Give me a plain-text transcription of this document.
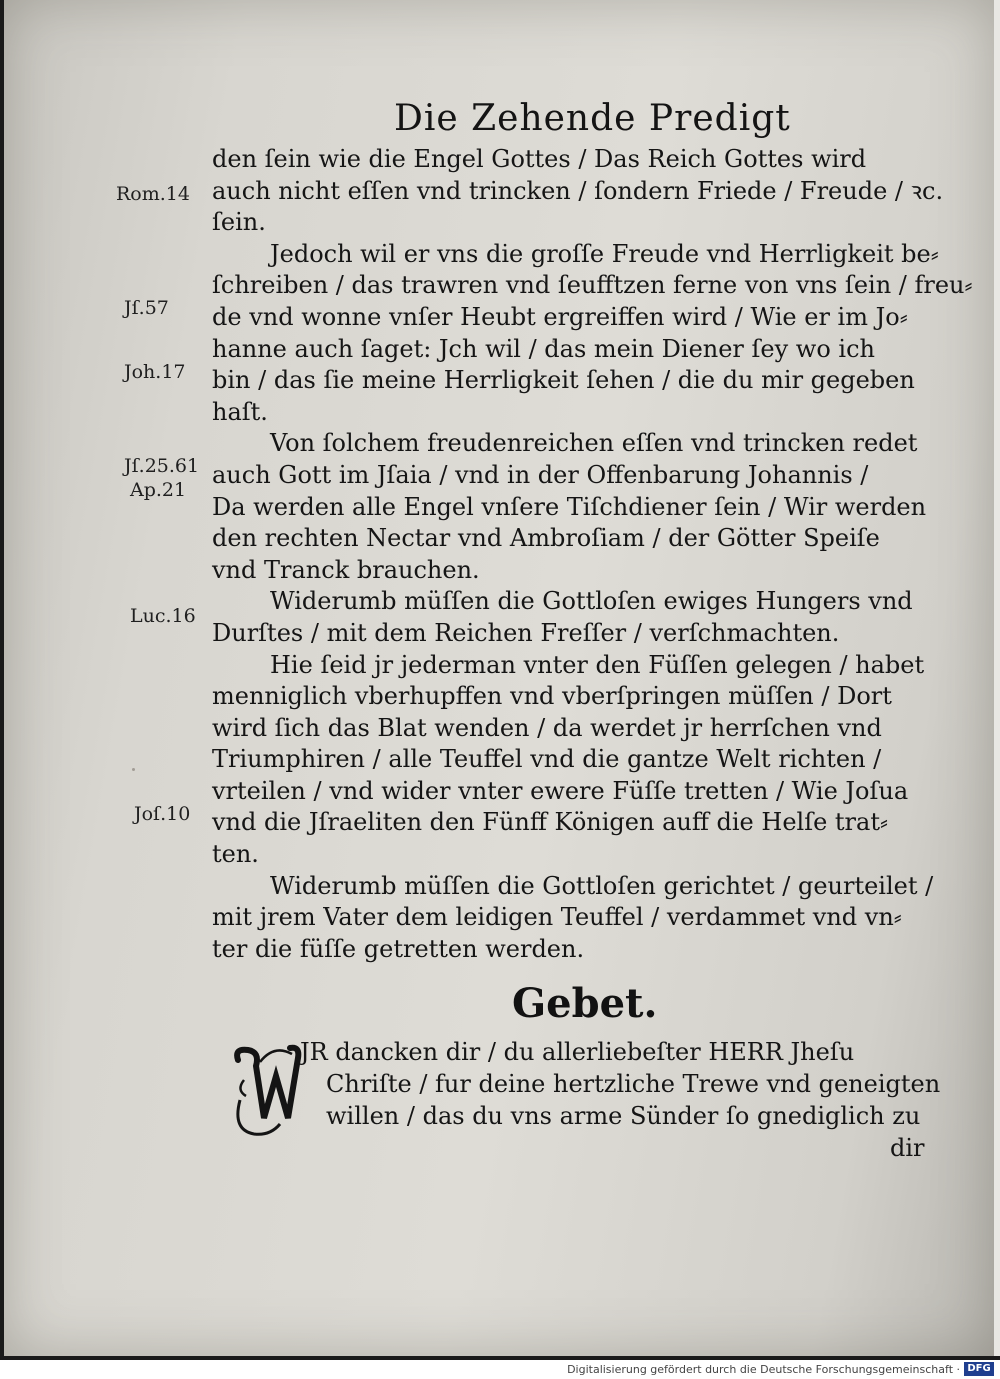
Die Zehende Predigt
Rom.14
Jſ.57
Joh.17
Jſ.25.61
Ap.21
Luc.16
Joſ.10
den ſein wie die Engel Gottes / Das Reich Gottes wird
auch nicht eſſen vnd trincken / ſondern Friede / Freude / ꝛc.
ſein.
Jedoch wil er vns die groſſe Freude vnd Herrligkeit be⸗
ſchreiben / das trawren vnd ſeufftzen ferne von vns ſein / freu⸗
de vnd wonne vnſer Heubt ergreiffen wird / Wie er im Jo⸗
hanne auch ſaget: Jch wil / das mein Diener ſey wo ich
bin / das ſie meine Herrligkeit ſehen / die du mir gegeben
haſt.
Von ſolchem freudenreichen eſſen vnd trincken redet
auch Gott im Jſaia / vnd in der Offenbarung Johannis /
Da werden alle Engel vnſere Tiſchdiener ſein / Wir werden
den rechten Nectar vnd Ambroſiam / der Götter Speiſe
vnd Tranck brauchen.
Widerumb müſſen die Gottloſen ewiges Hungers vnd
Durſtes / mit dem Reichen Freſſer / verſchmachten.
Hie ſeid jr jederman vnter den Füſſen gelegen / habet
menniglich vberhupffen vnd vberſpringen müſſen / Dort
wird ſich das Blat wenden / da werdet jr herrſchen vnd
Triumphiren / alle Teuffel vnd die gantze Welt richten /
vrteilen / vnd wider vnter ewere Füſſe tretten / Wie Joſua
vnd die Jſraeliten den Fünff Königen auff die Helſe trat⸗
ten.
Widerumb müſſen die Gottloſen gerichtet / geurteilet /
mit jrem Vater dem leidigen Teuffel / verdammet vnd vn⸗
ter die füſſe getretten werden.
Gebet.
JR dancken dir / du allerliebeſter HERR Jheſu
Chriſte / fur deine hertzliche Trewe vnd geneigten
willen / das du vns arme Sünder ſo gnediglich zu
dir
Digitalisierung gefördert durch die Deutsche Forschungsgemeinschaft · DFG
